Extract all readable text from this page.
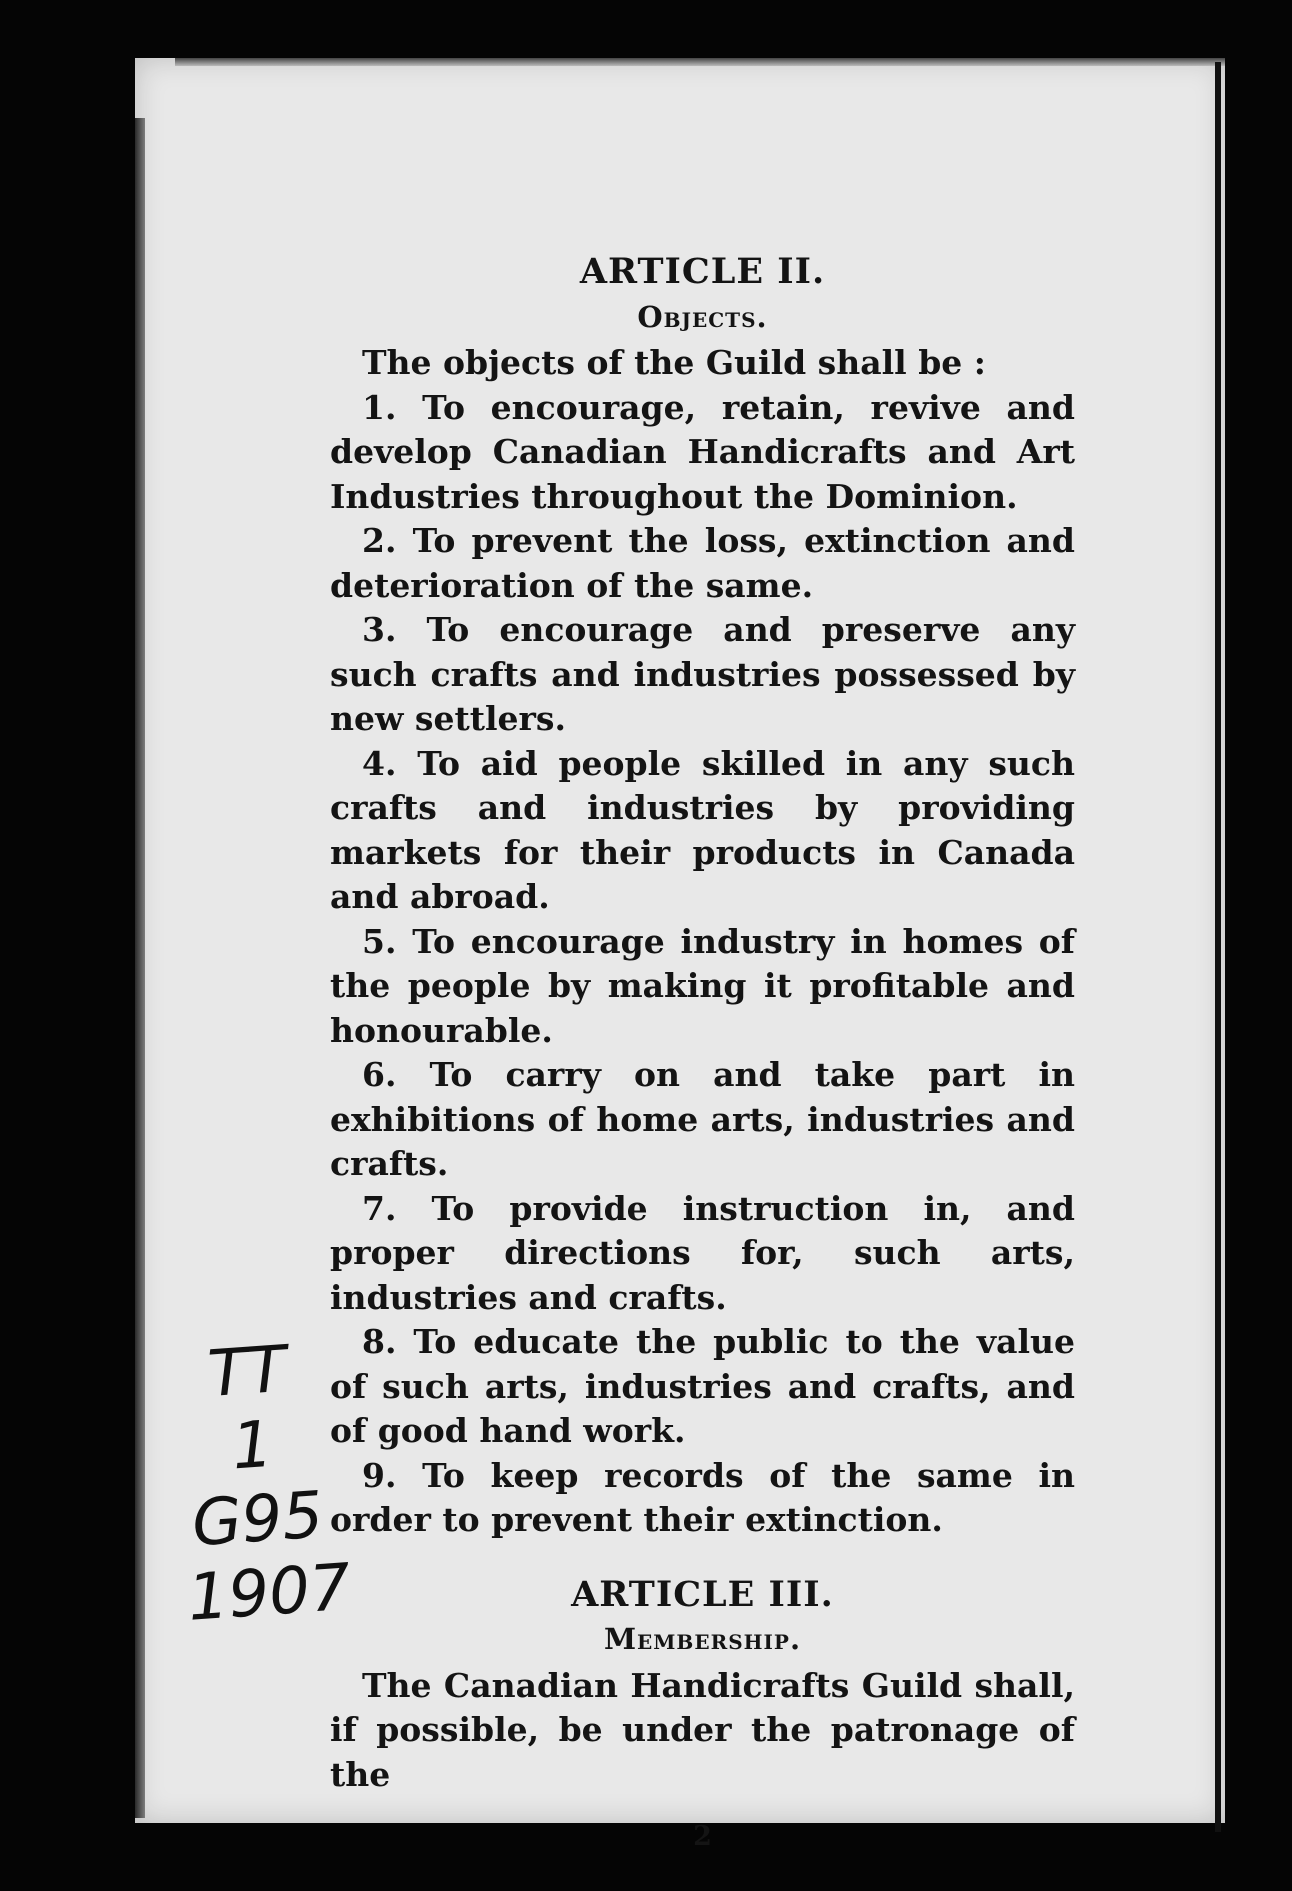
ARTICLE II.
Objects.

The objects of the Guild shall be :

1. To encourage, retain, revive and develop Canadian Handicrafts and Art Industries throughout the Dominion.

2. To prevent the loss, extinction and deterioration of the same.

3. To encourage and preserve any such crafts and industries possessed by new settlers.

4. To aid people skilled in any such crafts and industries by providing markets for their products in Canada and abroad.

5. To encourage industry in homes of the people by making it profitable and honourable.

6. To carry on and take part in exhibitions of home arts, industries and crafts.

7. To provide instruction in, and proper directions for, such arts, industries and crafts.

8. To educate the public to the value of such arts, industries and crafts, and of good hand work.

9. To keep records of the same in order to prevent their extinction.

ARTICLE III.
Membership.

The Canadian Handicrafts Guild shall, if possible, be under the patronage of the

2
TT
1
G95
1907
